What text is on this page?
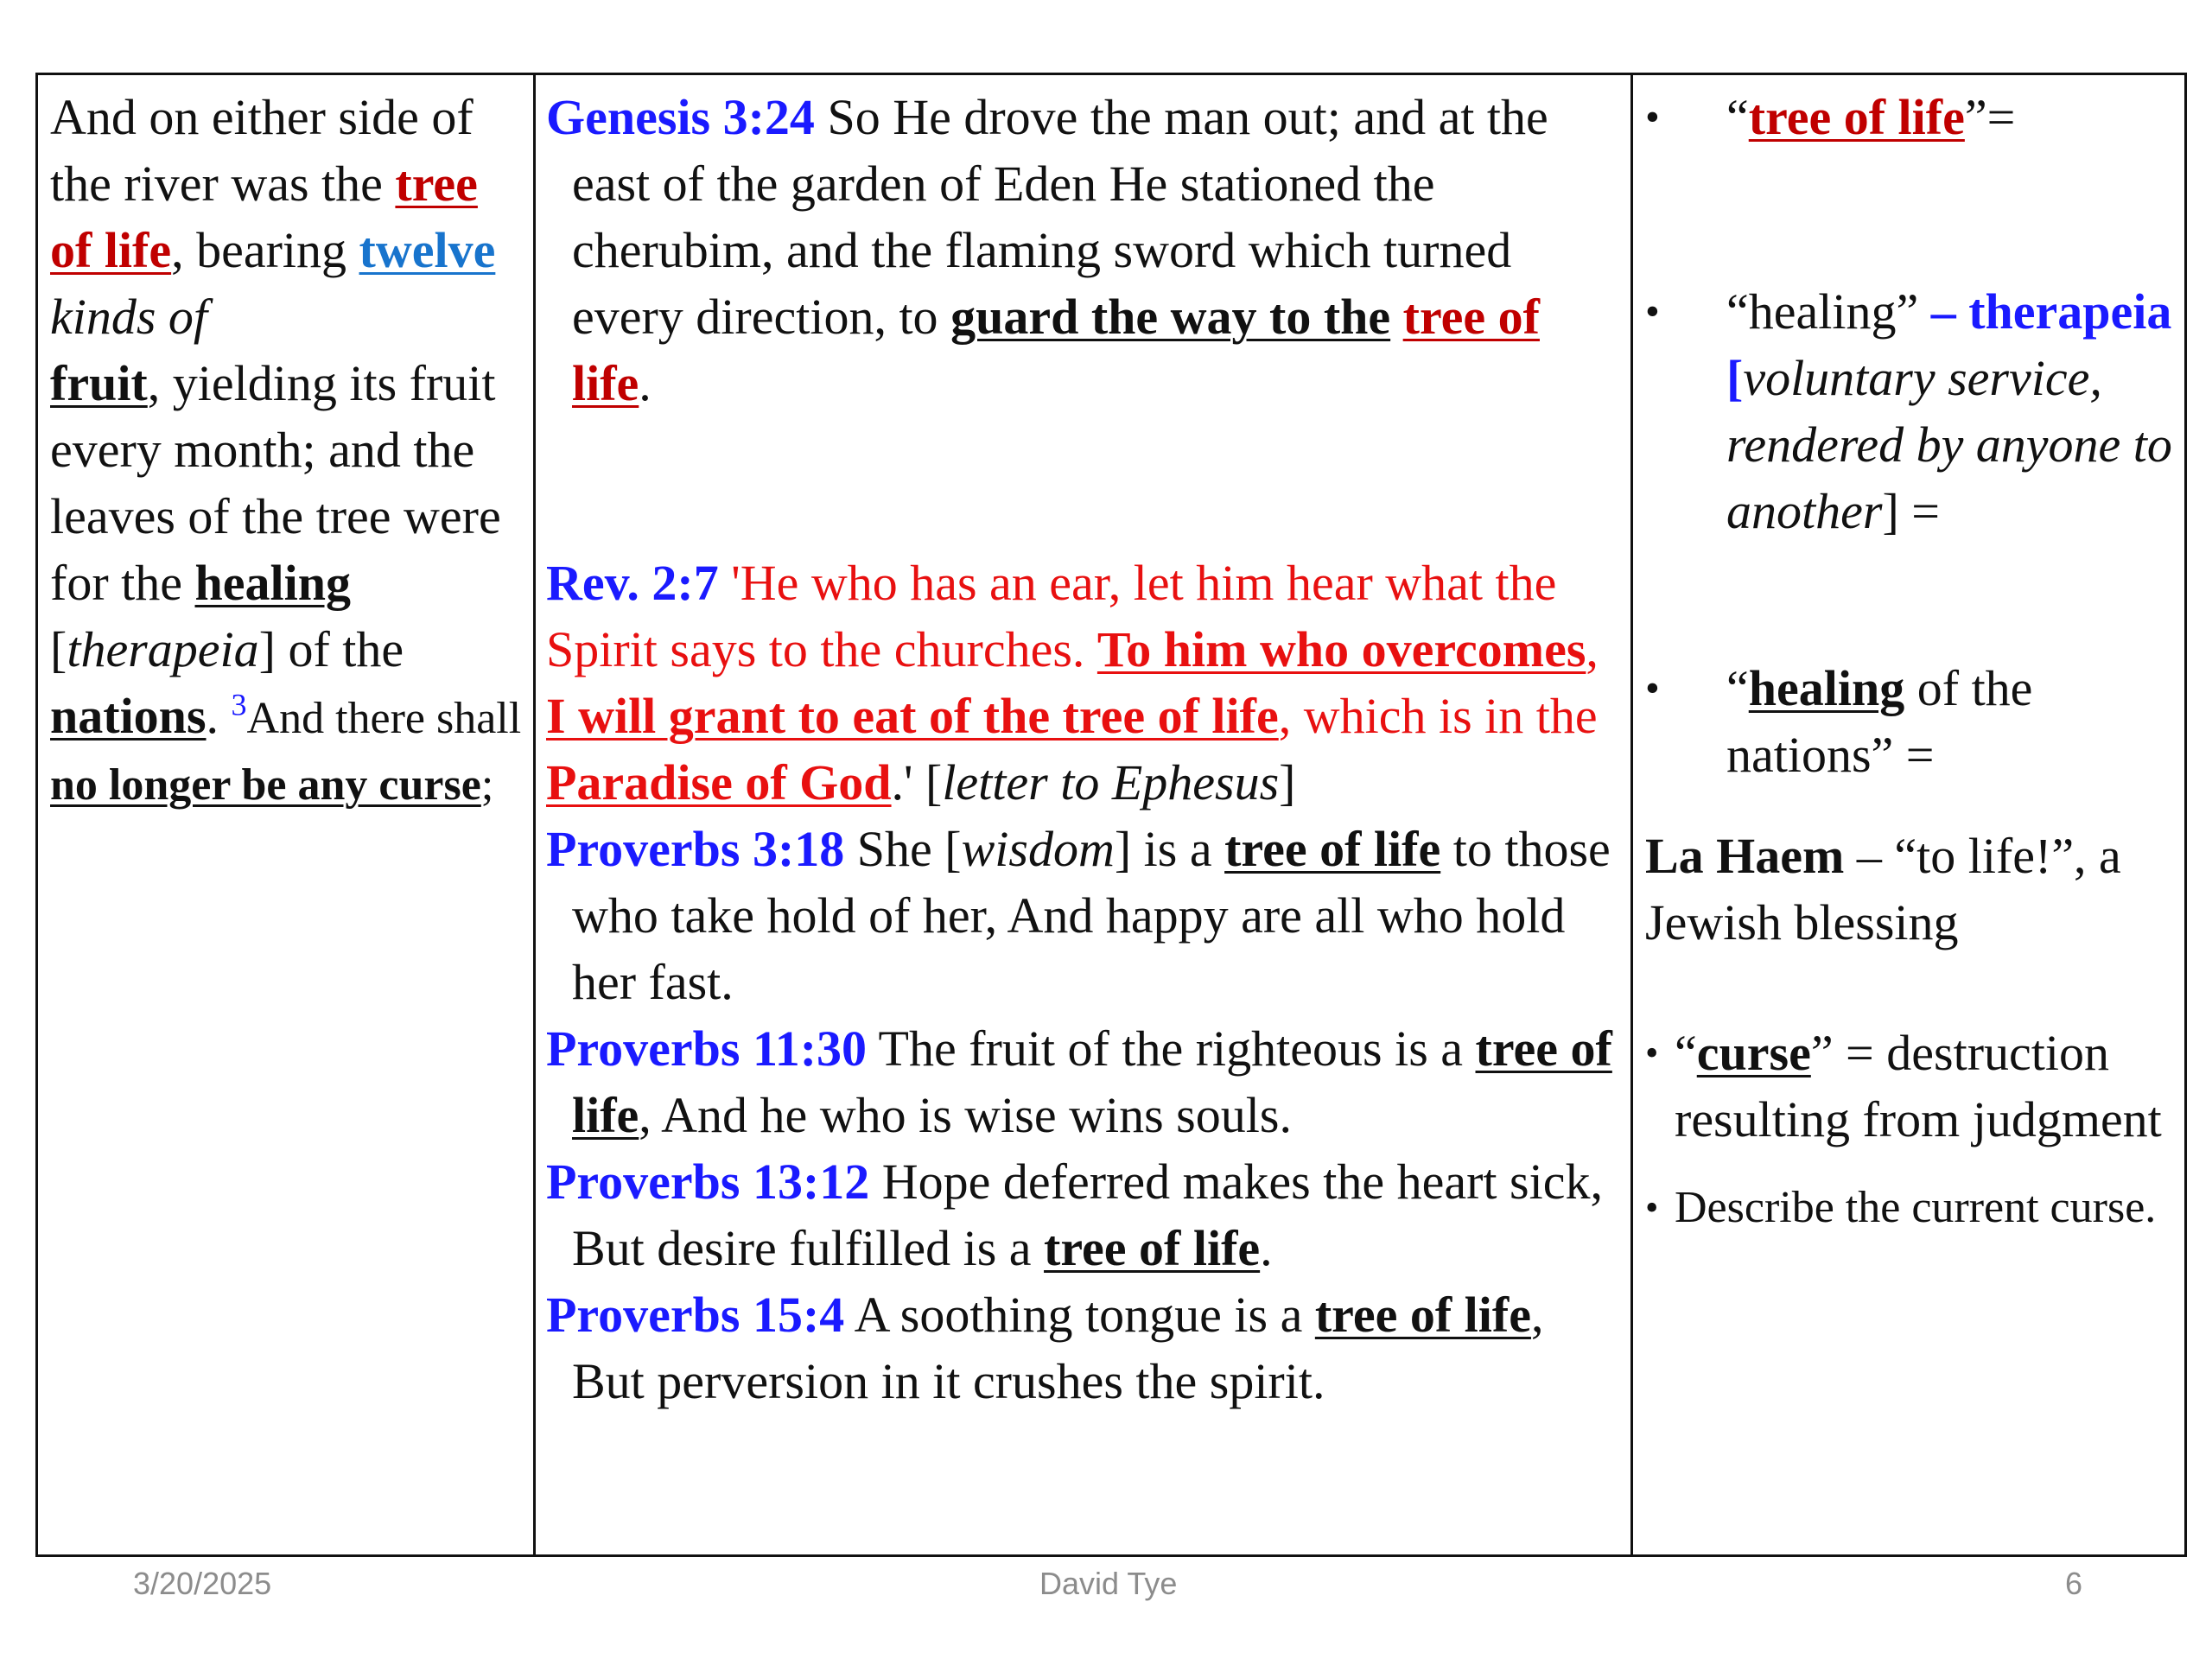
And on either side of the river was the tree of life, bearing twelve kinds of
fruit, yielding its fruit every month; and the leaves of the tree were for the healing [therapeia] of the nations. $^3$And there shall no longer be any curse;

Genesis 3:24 So He drove the man out; and at the east of the garden of Eden He stationed the cherubim, and the flaming sword which turned every direction, to guard the way to the tree of life.

Rev. 2:7 'He who has an ear, let him hear what the Spirit says to the churches. To him who overcomes, I will grant to eat of the tree of life, which is in the Paradise of God.' [letter to Ephesus]

Proverbs 3:18 She [wisdom] is a tree of life to those who take hold of her, And happy are all who hold her fast.

Proverbs 11:30 The fruit of the righteous is a tree of life, And he who is wise wins souls.

Proverbs 13:12 Hope deferred makes the heart sick, But desire fulfilled is a tree of life.

Proverbs 15:4 A soothing tongue is a tree of life, But perversion in it crushes the spirit.

•	“tree of life”=
•	“healing” – therapeia [voluntary service, rendered by anyone to another] =
•	“healing of the nations” =

La Haem – “to life!”, a Jewish blessing

• “curse” = destruction resulting from judgment
• Describe the current curse.
3/20/2025	David Tye	6
